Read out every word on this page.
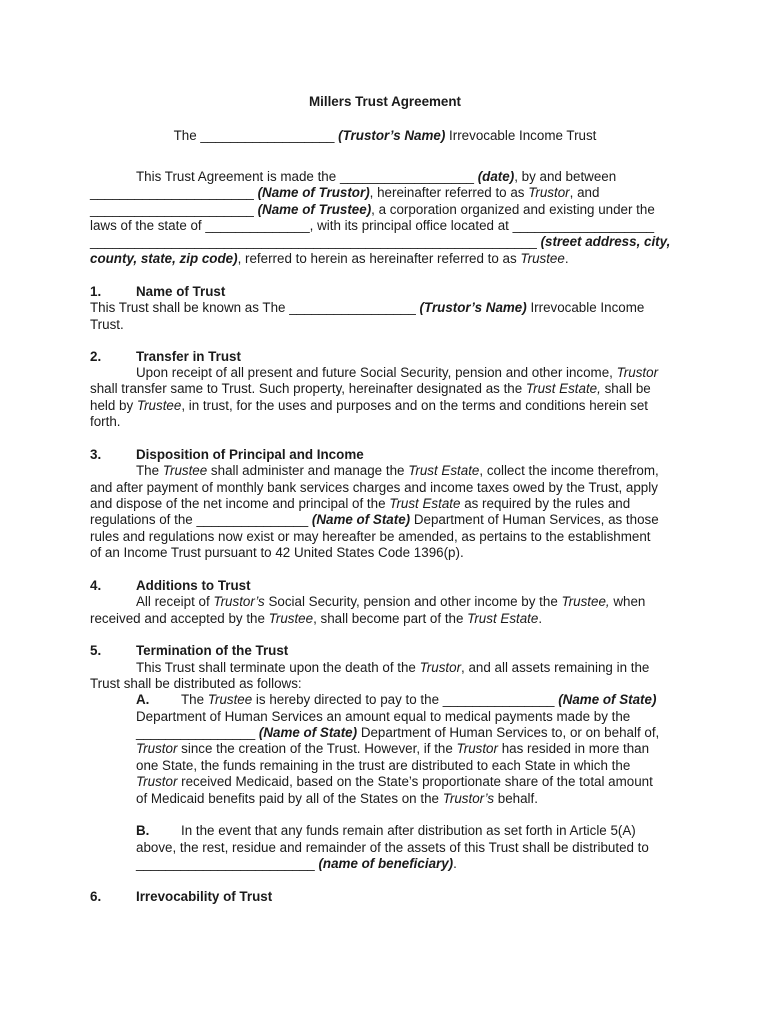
Millers Trust Agreement
The __________________ (Trustor’s Name) Irrevocable Income Trust
This Trust Agreement is made the __________________ (date), by and between
______________________ (Name of Trustor), hereinafter referred to as Trustor, and
______________________ (Name of Trustee), a corporation organized and existing under the
laws of the state of ______________, with its principal office located at ___________________
____________________________________________________________ (street address, city,
county, state, zip code), referred to herein as hereinafter referred to as Trustee.
1.	Name of Trust
This Trust shall be known as The _________________ (Trustor’s Name) Irrevocable Income
Trust.
2.	Transfer in Trust
Upon receipt of all present and future Social Security, pension and other income, Trustor
shall transfer same to Trust. Such property, hereinafter designated as the Trust Estate, shall be
held by Trustee, in trust, for the uses and purposes and on the terms and conditions herein set
forth.
3.	Disposition of Principal and Income
The Trustee shall administer and manage the Trust Estate, collect the income therefrom,
and after payment of monthly bank services charges and income taxes owed by the Trust, apply
and dispose of the net income and principal of the Trust Estate as required by the rules and
regulations of the _______________ (Name of State) Department of Human Services, as those
rules and regulations now exist or may hereafter be amended, as pertains to the establishment
of an Income Trust pursuant to 42 United States Code 1396(p).
4.	Additions to Trust
All receipt of Trustor’s Social Security, pension and other income by the Trustee, when
received and accepted by the Trustee, shall become part of the Trust Estate.
5.	Termination of the Trust
This Trust shall terminate upon the death of the Trustor, and all assets remaining in the
Trust shall be distributed as follows:
A. The Trustee is hereby directed to pay to the _______________ (Name of State)
Department of Human Services an amount equal to medical payments made by the
________________ (Name of State) Department of Human Services to, or on behalf of,
Trustor since the creation of the Trust. However, if the Trustor has resided in more than
one State, the funds remaining in the trust are distributed to each State in which the
Trustor received Medicaid, based on the State’s proportionate share of the total amount
of Medicaid benefits paid by all of the States on the Trustor’s behalf.
B. In the event that any funds remain after distribution as set forth in Article 5(A)
above, the rest, residue and remainder of the assets of this Trust shall be distributed to
________________________ (name of beneficiary).
6.	Irrevocability of Trust
